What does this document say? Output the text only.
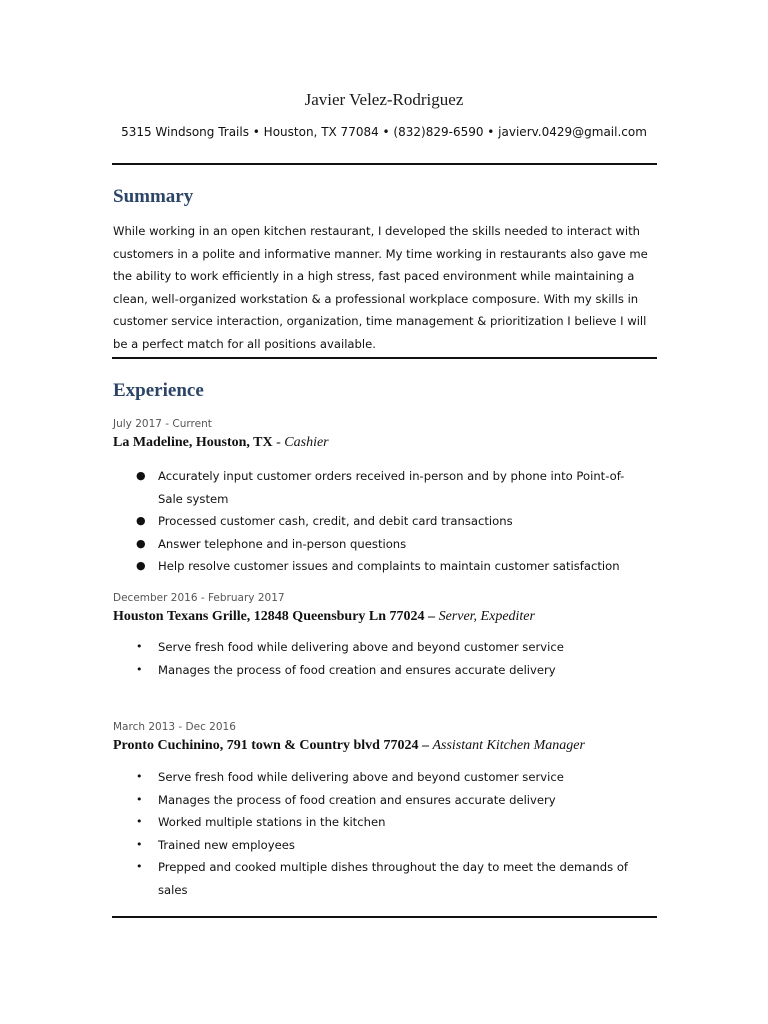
Javier Velez-Rodriguez
5315 Windsong Trails • Houston, TX 77084 • (832)829-6590 • javierv.0429@gmail.com
Summary
While working in an open kitchen restaurant, I developed the skills needed to interact with customers in a polite and informative manner. My time working in restaurants also gave me the ability to work efficiently in a high stress, fast paced environment while maintaining a clean, well-organized workstation & a professional workplace composure. With my skills in customer service interaction, organization, time management & prioritization I believe I will be a perfect match for all positions available.
Experience
July 2017 - Current
La Madeline, Houston, TX - Cashier
● Accurately input customer orders received in-person and by phone into Point-of-Sale system
● Processed customer cash, credit, and debit card transactions
● Answer telephone and in-person questions
● Help resolve customer issues and complaints to maintain customer satisfaction
December 2016 - February 2017
Houston Texans Grille, 12848 Queensbury Ln 77024 – Server, Expediter
• Serve fresh food while delivering above and beyond customer service
• Manages the process of food creation and ensures accurate delivery
March 2013 - Dec 2016
Pronto Cuchinino, 791 town & Country blvd 77024 – Assistant Kitchen Manager
• Serve fresh food while delivering above and beyond customer service
• Manages the process of food creation and ensures accurate delivery
• Worked multiple stations in the kitchen
• Trained new employees
• Prepped and cooked multiple dishes throughout the day to meet the demands of sales
